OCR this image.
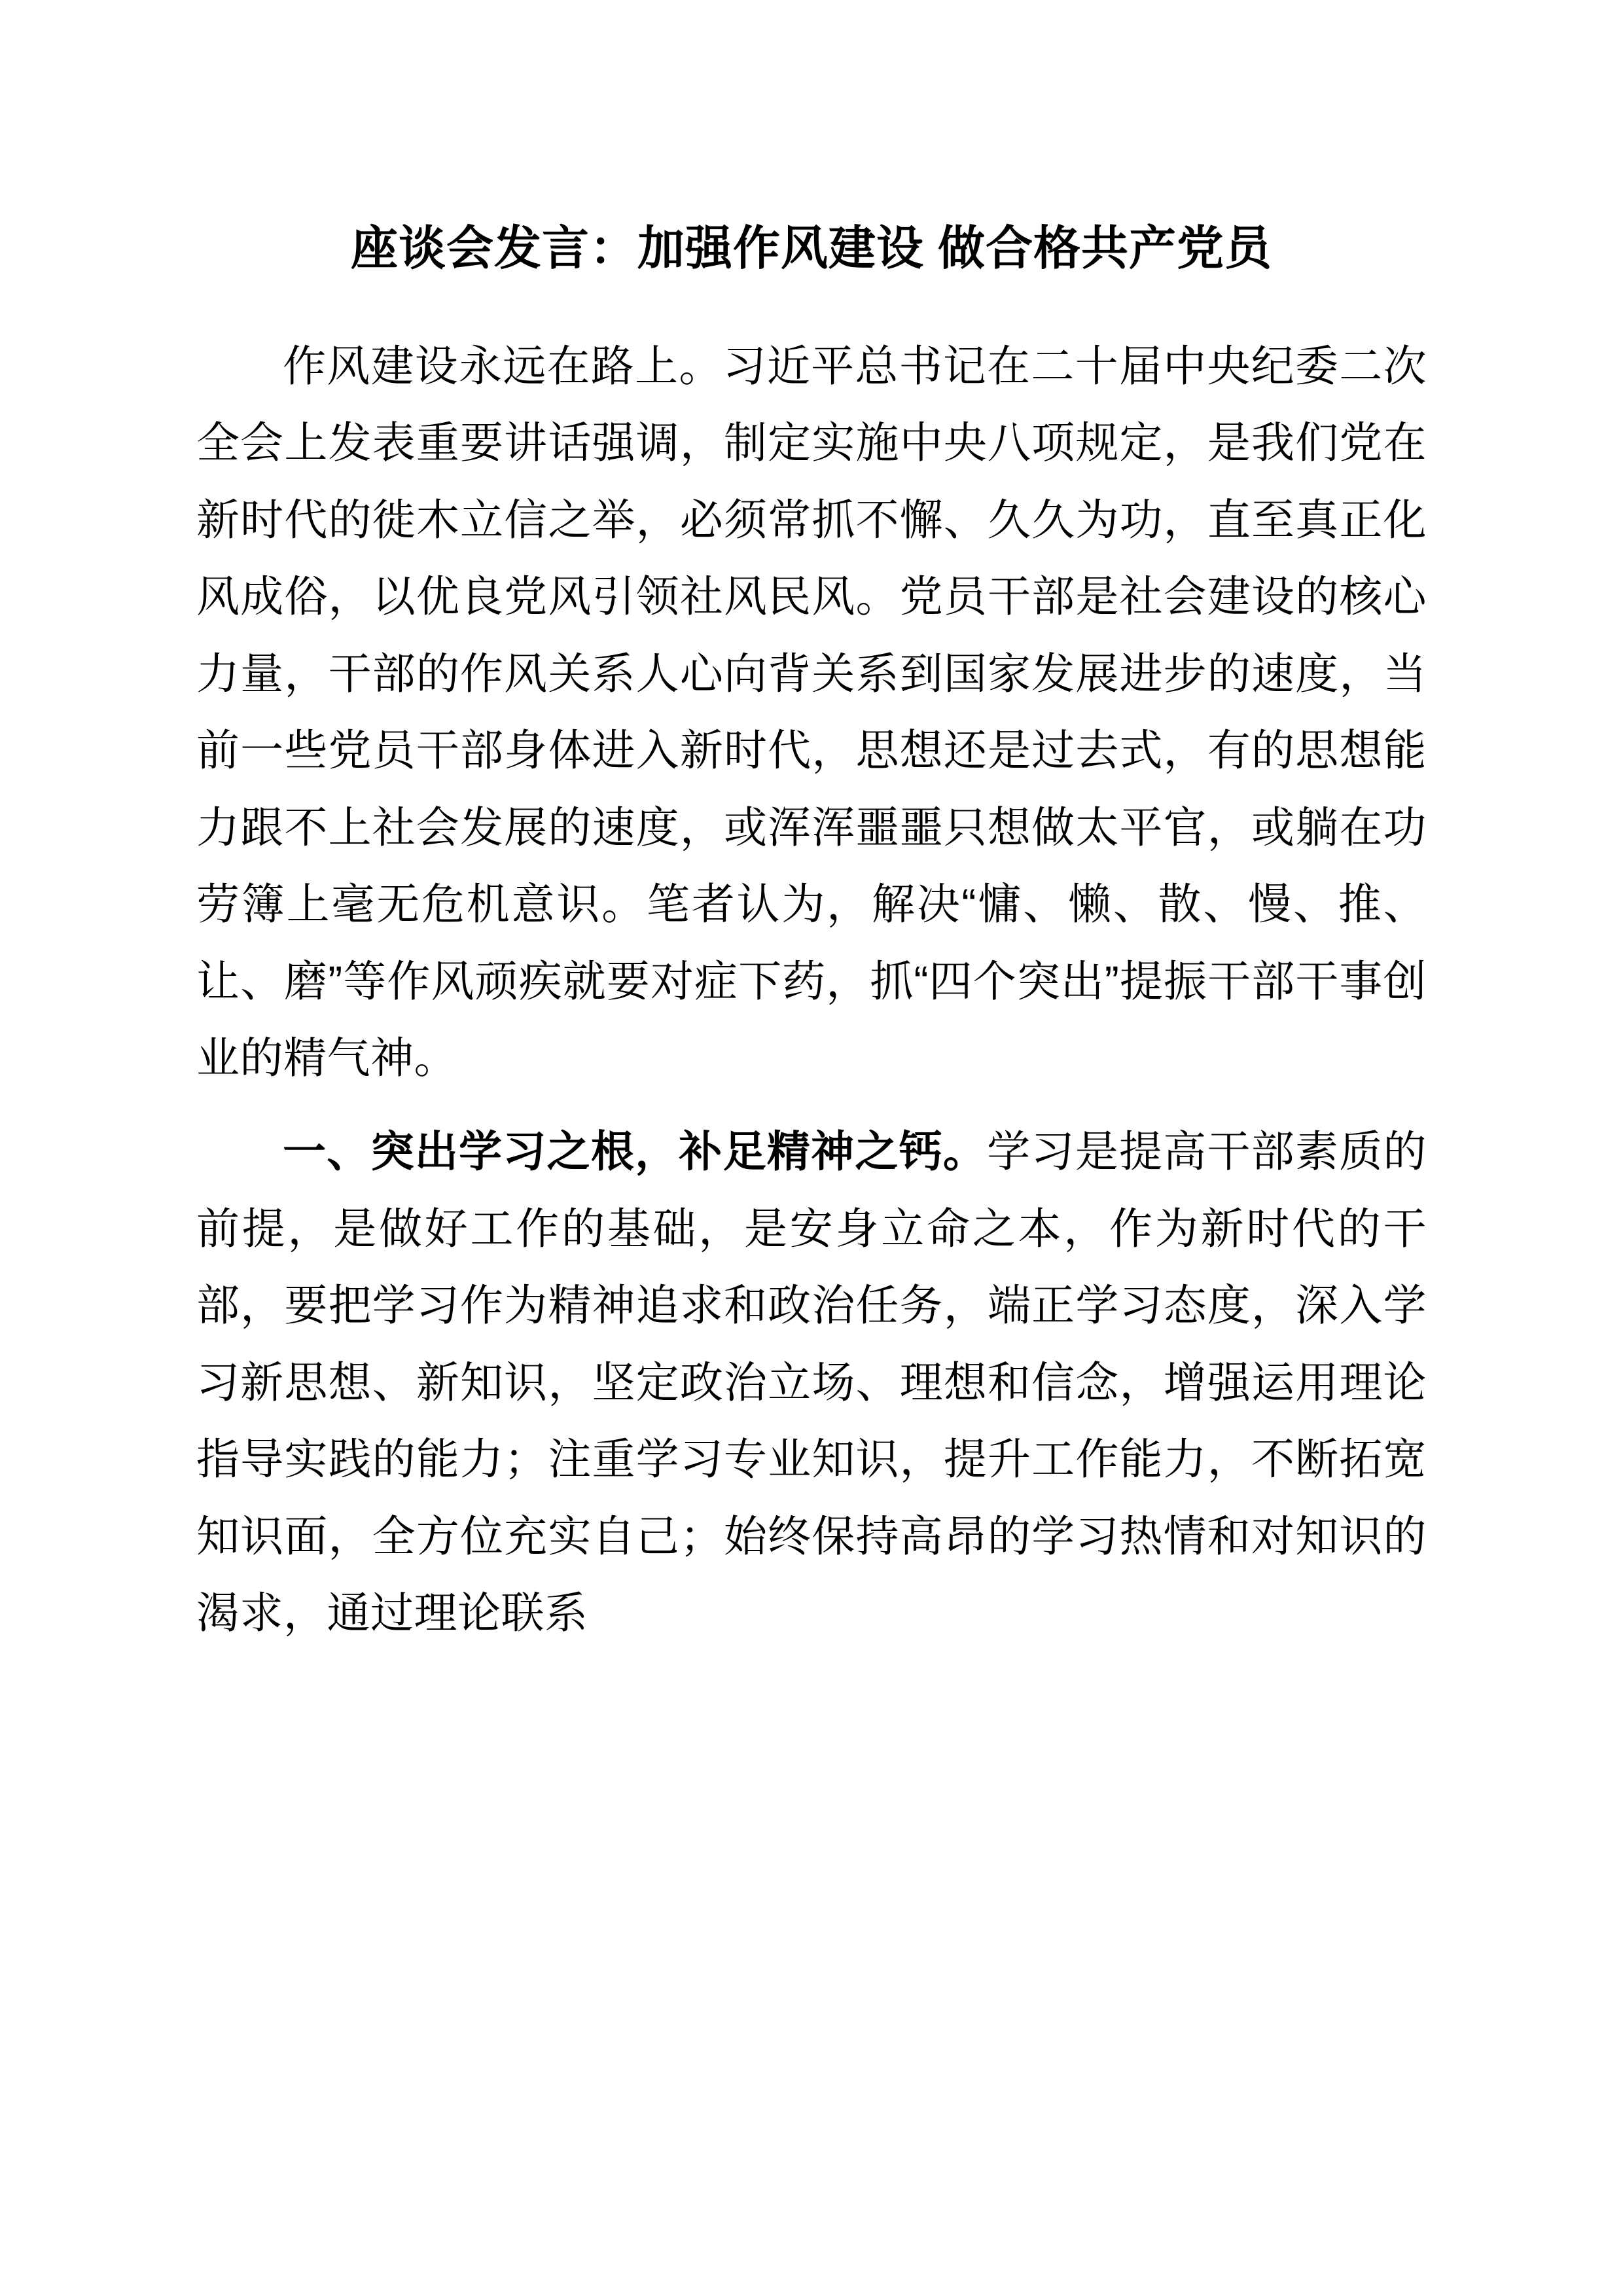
座谈会发言：加强作风建设 做合格共产党员

作风建设永远在路上。习近平总书记在二十届中央纪委二次全会上发表重要讲话强调，制定实施中央八项规定，是我们党在新时代的徙木立信之举，必须常抓不懈、久久为功，直至真正化风成俗，以优良党风引领社风民风。党员干部是社会建设的核心力量，干部的作风关系人心向背关系到国家发展进步的速度，当前一些党员干部身体进入新时代，思想还是过去式，有的思想能力跟不上社会发展的速度，或浑浑噩噩只想做太平官，或躺在功劳簿上毫无危机意识。笔者认为，解决“慵、懒、散、慢、推、让、磨”等作风顽疾就要对症下药，抓“四个突出”提振干部干事创业的精气神。

一、突出学习之根，补足精神之钙。学习是提高干部素质的前提，是做好工作的基础，是安身立命之本，作为新时代的干部，要把学习作为精神追求和政治任务，端正学习态度，深入学习新思想、新知识，坚定政治立场、理想和信念，增强运用理论指导实践的能力；注重学习专业知识，提升工作能力，不断拓宽知识面，全方位充实自己；始终保持高昂的学习热情和对知识的渴求，通过理论联系
